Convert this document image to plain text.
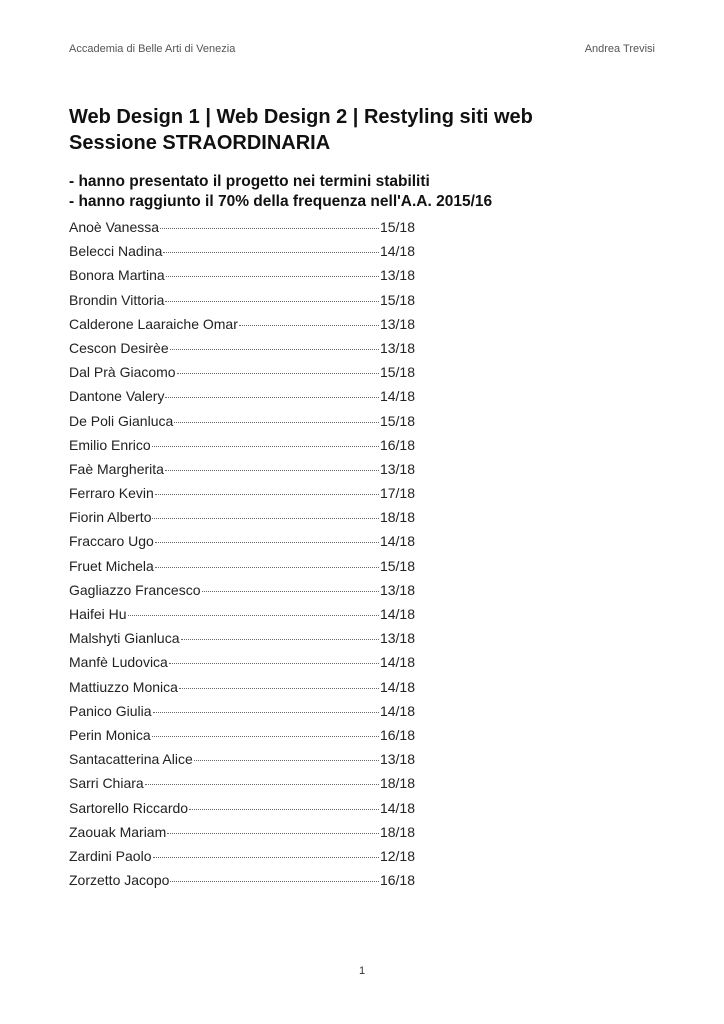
Accademia di Belle Arti di Venezia	Andrea Trevisi
Web Design 1 | Web Design 2 | Restyling siti web
Sessione STRAORDINARIA
- hanno presentato il progetto nei termini stabiliti
- hanno raggiunto il 70% della frequenza nell'A.A. 2015/16
Anoè Vanessa	15/18
Belecci Nadina	14/18
Bonora Martina	13/18
Brondin Vittoria	15/18
Calderone Laaraiche Omar	13/18
Cescon Desirèe	13/18
Dal Prà Giacomo	15/18
Dantone Valery	14/18
De Poli Gianluca	15/18
Emilio Enrico	16/18
Faè Margherita	13/18
Ferraro Kevin	17/18
Fiorin Alberto	18/18
Fraccaro Ugo	14/18
Fruet Michela	15/18
Gagliazzo Francesco	13/18
Haifei Hu	14/18
Malshyti Gianluca	13/18
Manfè Ludovica	14/18
Mattiuzzo Monica	14/18
Panico Giulia	14/18
Perin Monica	16/18
Santacatterina Alice	13/18
Sarri Chiara	18/18
Sartorello Riccardo	14/18
Zaouak Mariam	18/18
Zardini Paolo	12/18
Zorzetto Jacopo	16/18
1
